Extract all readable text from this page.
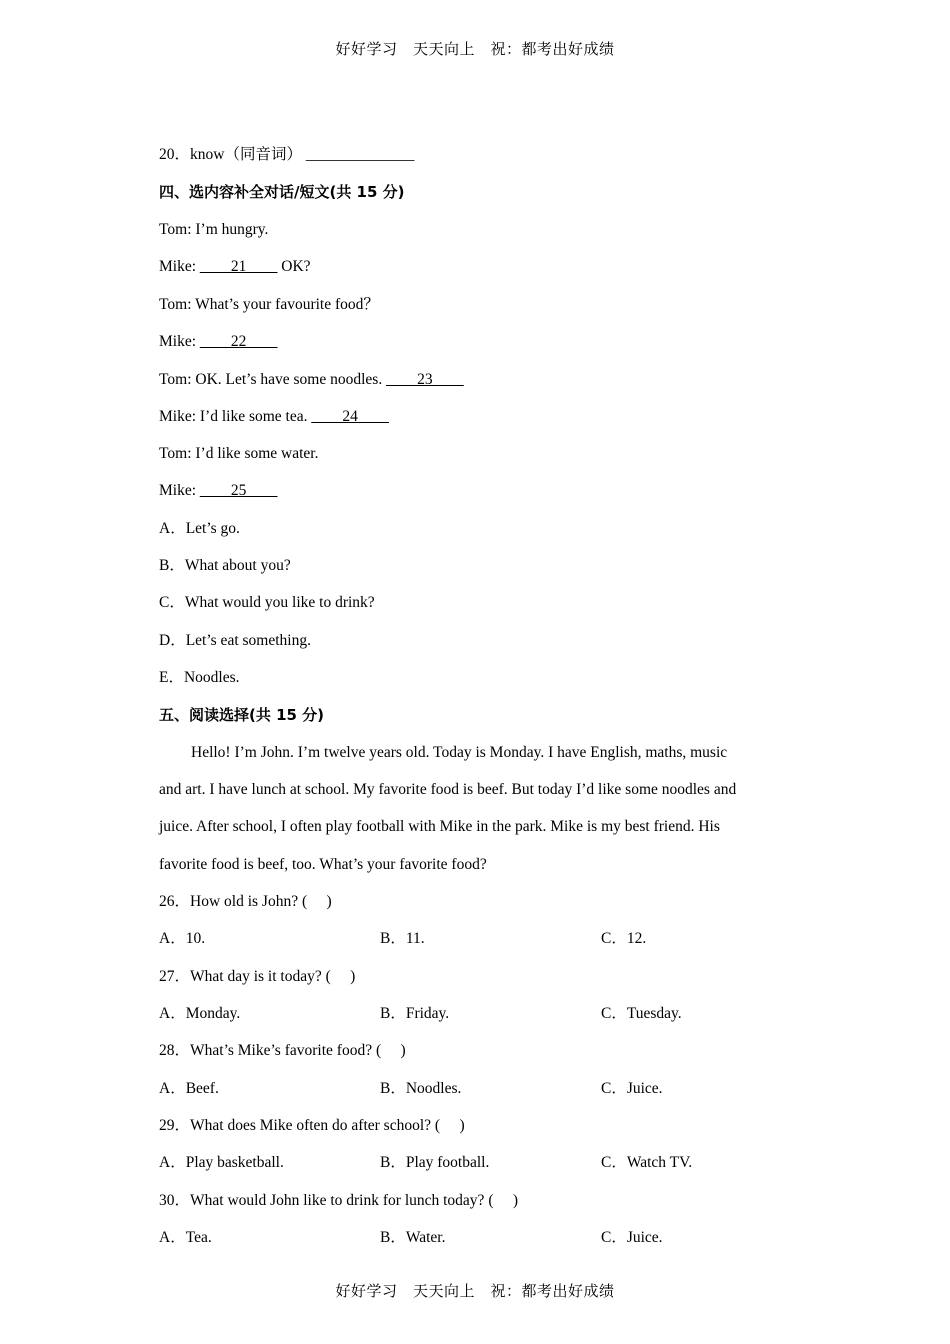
好好学习　天天向上　祝：都考出好成绩
20．know（同音词） ______________
四、选内容补全对话/短文(共 15 分)
Tom: I’m hungry.
Mike: ____21____ OK?
Tom: What’s your favourite food？
Mike: ____22____
Tom: OK. Let’s have some noodles. ____23____
Mike: I’d like some tea. ____24____
Tom: I’d like some water.
Mike: ____25____
A．Let’s go.
B．What about you?
C．What would you like to drink?
D．Let’s eat something.
E．Noodles.
五、阅读选择(共 15 分)
Hello! I’m John. I’m twelve years old. Today is Monday. I have English, maths, music
and art. I have lunch at school. My favorite food is beef. But today I’d like some noodles and
juice. After school, I often play football with Mike in the park. Mike is my best friend. His
favorite food is beef, too. What’s your favorite food?
26．How old is John? (　 )
A．10.	B．11.	C．12.
27．What day is it today? (　 )
A．Monday.	B．Friday.	C．Tuesday.
28．What’s Mike’s favorite food? (　 )
A．Beef.	B．Noodles.	C．Juice.
29．What does Mike often do after school? (　 )
A．Play basketball.	B．Play football.	C．Watch TV.
30．What would John like to drink for lunch today? (　 )
A．Tea.	B．Water.	C．Juice.
好好学习　天天向上　祝：都考出好成绩
